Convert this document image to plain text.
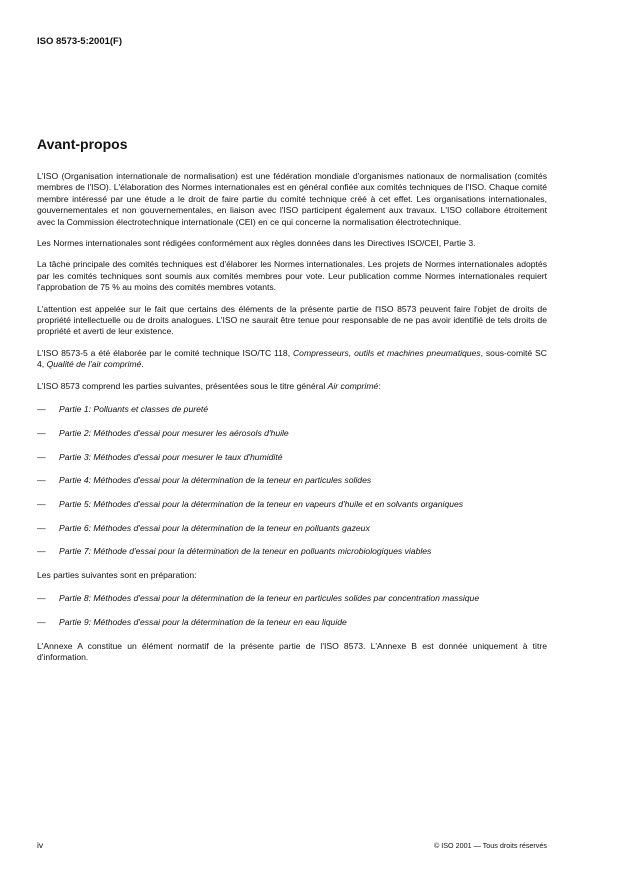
ISO 8573-5:2001(F)
Avant-propos

L'ISO (Organisation internationale de normalisation) est une fédération mondiale d'organismes nationaux de normalisation (comités membres de l'ISO). L'élaboration des Normes internationales est en général confiée aux comités techniques de l'ISO. Chaque comité membre intéressé par une étude a le droit de faire partie du comité technique créé à cet effet. Les organisations internationales, gouvernementales et non gouvernementales, en liaison avec l'ISO participent également aux travaux. L'ISO collabore étroitement avec la Commission électrotechnique internationale (CEI) en ce qui concerne la normalisation électrotechnique.

Les Normes internationales sont rédigées conformément aux règles données dans les Directives ISO/CEI, Partie 3.

La tâche principale des comités techniques est d'élaborer les Normes internationales. Les projets de Normes internationales adoptés par les comités techniques sont soumis aux comités membres pour vote. Leur publication comme Normes internationales requiert l'approbation de 75 % au moins des comités membres votants.

L'attention est appelée sur le fait que certains des éléments de la présente partie de l'ISO 8573 peuvent faire l'objet de droits de propriété intellectuelle ou de droits analogues. L'ISO ne saurait être tenue pour responsable de ne pas avoir identifié de tels droits de propriété et averti de leur existence.

L'ISO 8573-5 a été élaborée par le comité technique ISO/TC 118, Compresseurs, outils et machines pneumatiques, sous-comité SC 4, Qualité de l'air comprimé.

L'ISO 8573 comprend les parties suivantes, présentées sous le titre général Air comprimé:

—	Partie 1: Polluants et classes de pureté
—	Partie 2: Méthodes d'essai pour mesurer les aérosols d'huile
—	Partie 3: Méthodes d'essai pour mesurer le taux d'humidité
—	Partie 4: Méthodes d'essai pour la détermination de la teneur en particules solides
—	Partie 5: Méthodes d'essai pour la détermination de la teneur en vapeurs d'huile et en solvants organiques
—	Partie 6: Méthodes d'essai pour la détermination de la teneur en polluants gazeux
—	Partie 7: Méthode d'essai pour la détermination de la teneur en polluants microbiologiques viables

Les parties suivantes sont en préparation:

—	Partie 8: Méthodes d'essai pour la détermination de la teneur en particules solides par concentration massique
—	Partie 9: Méthodes d'essai pour la détermination de la teneur en eau liquide

L'Annexe A constitue un élément normatif de la présente partie de l'ISO 8573. L'Annexe B est donnée uniquement à titre d'information.

iv	© ISO 2001 — Tous droits réservés
